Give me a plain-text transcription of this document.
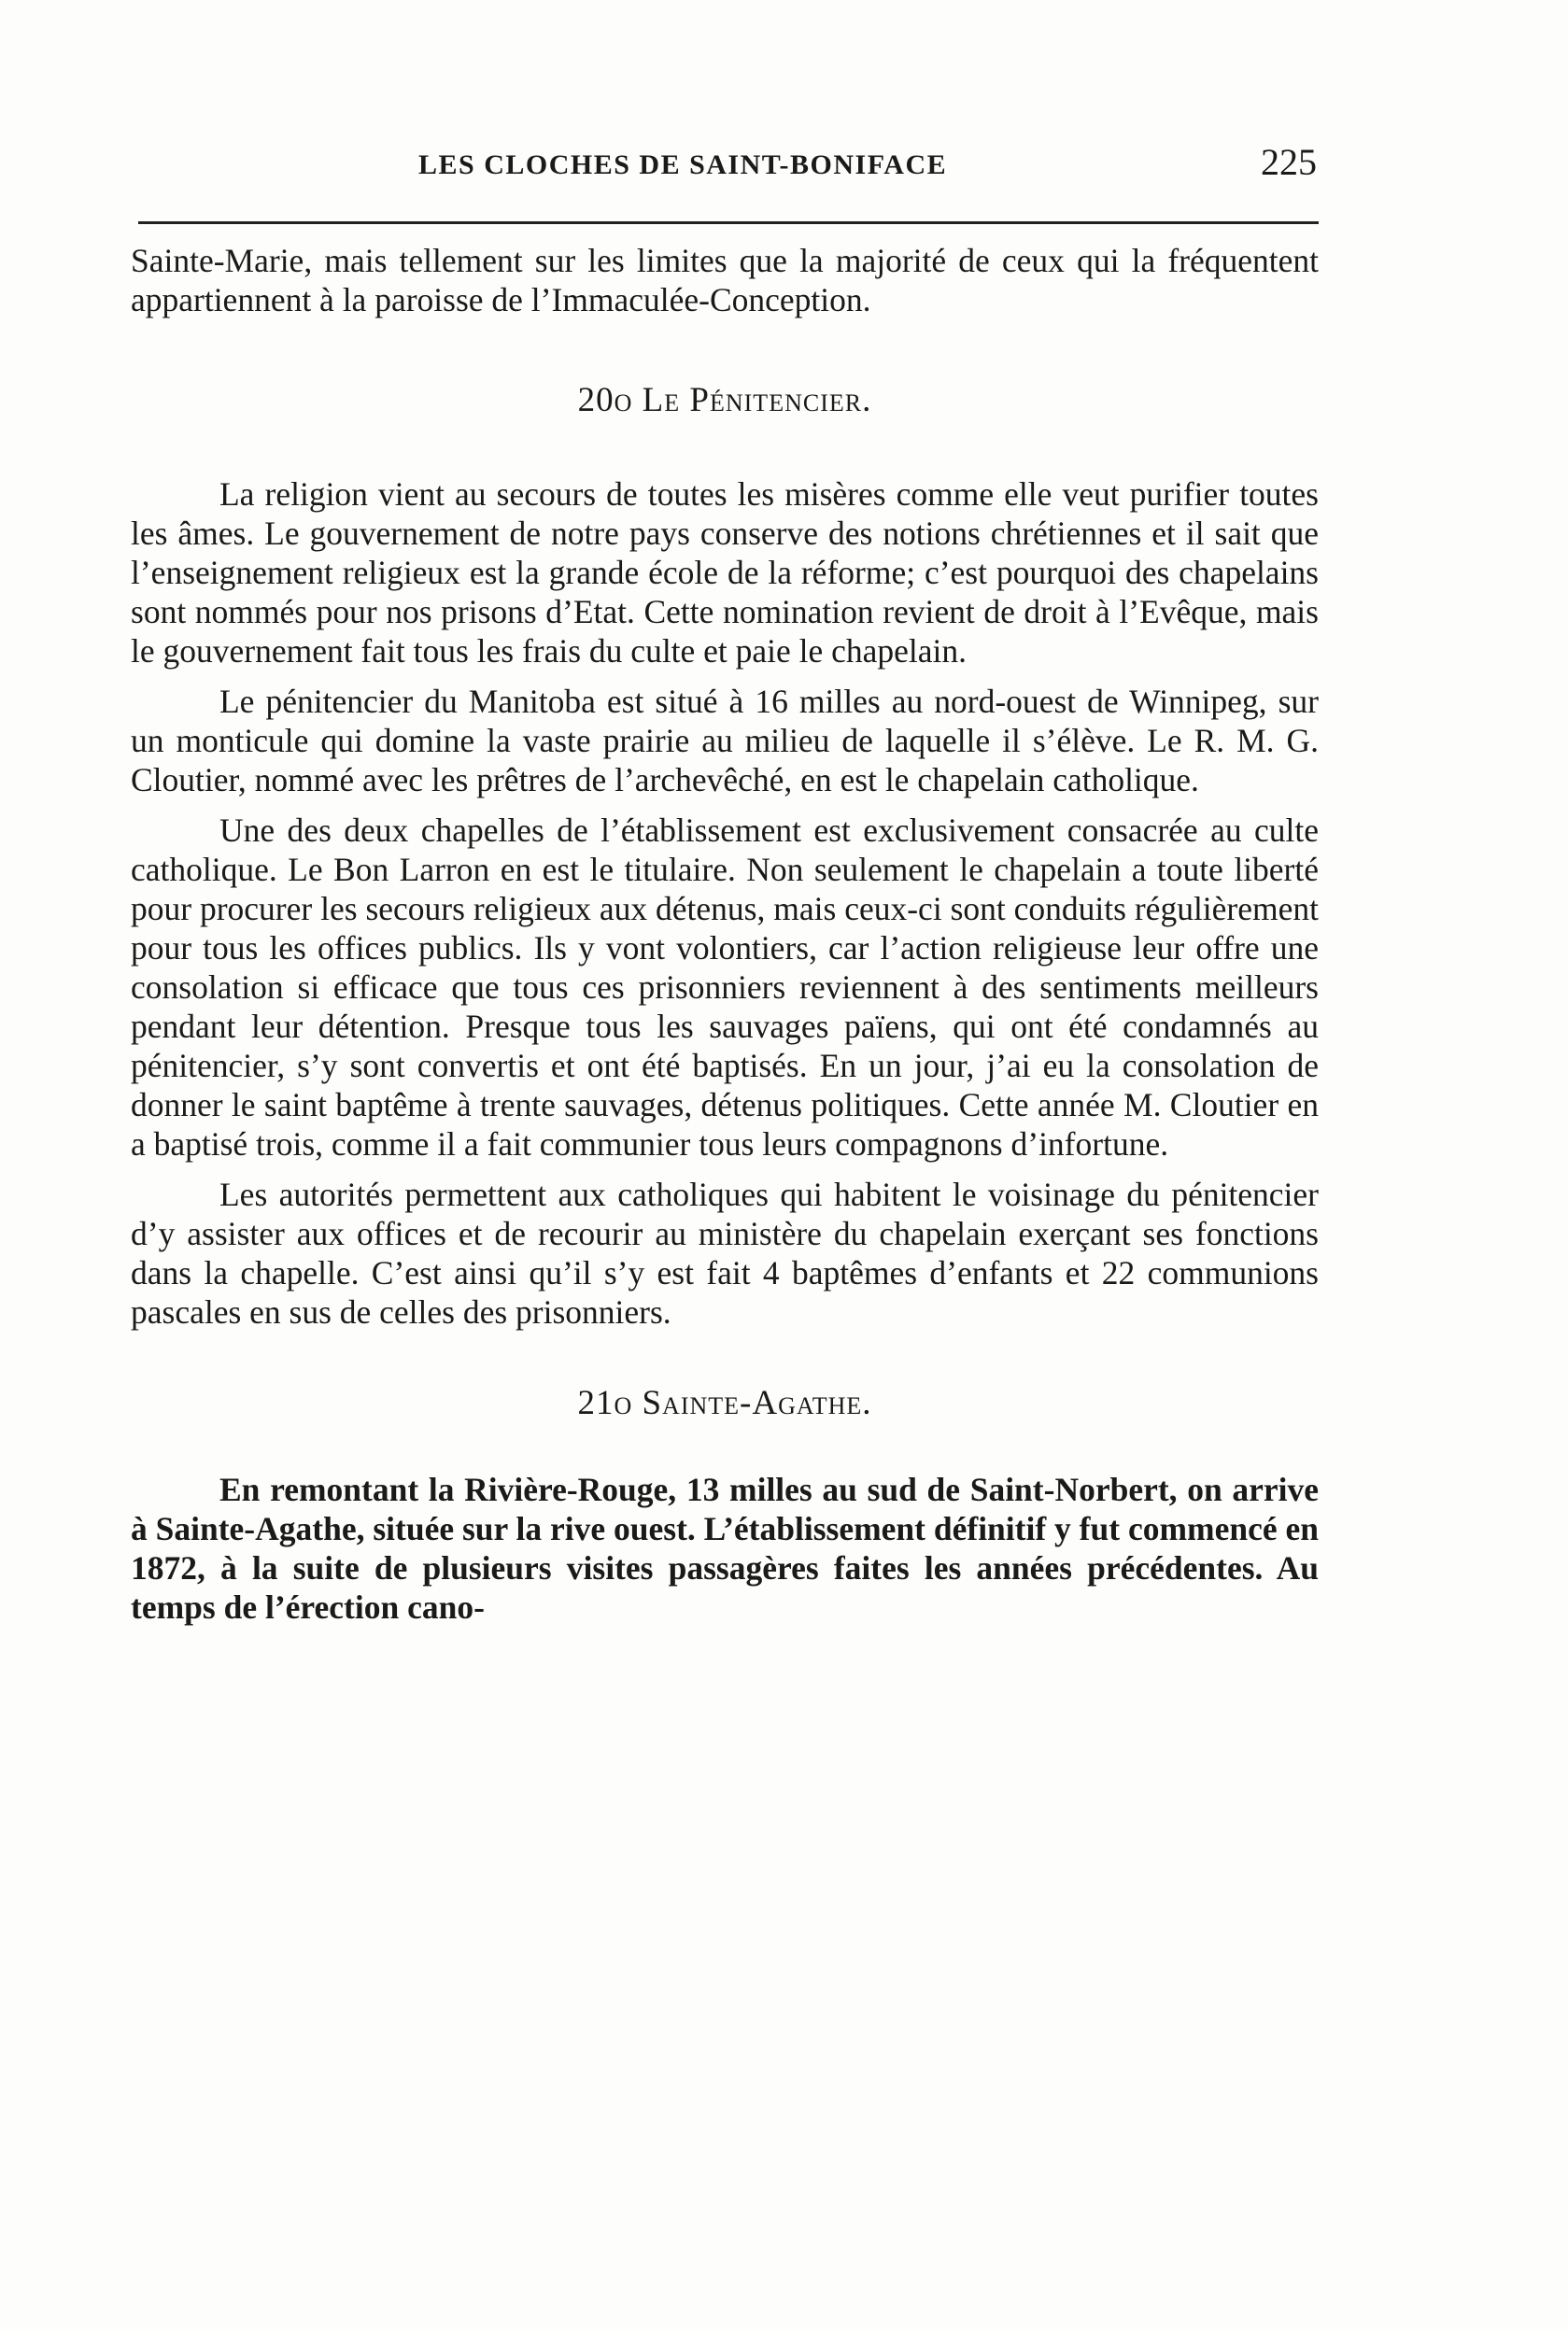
LES CLOCHES DE SAINT-BONIFACE	225

Sainte-Marie, mais tellement sur les limites que la majorité de ceux qui la fréquentent appartiennent à la paroisse de l’Immaculée-Conception.

20o Le Pénitencier.

La religion vient au secours de toutes les misères comme elle veut purifier toutes les âmes. Le gouvernement de notre pays conserve des notions chrétiennes et il sait que l’enseignement religieux est la grande école de la réforme; c’est pourquoi des chapelains sont nommés pour nos prisons d’Etat. Cette nomination revient de droit à l’Evêque, mais le gouvernement fait tous les frais du culte et paie le chapelain.

Le pénitencier du Manitoba est situé à 16 milles au nord-ouest de Winnipeg, sur un monticule qui domine la vaste prairie au milieu de laquelle il s’élève. Le R. M. G. Cloutier, nommé avec les prêtres de l’archevêché, en est le chapelain catholique.

Une des deux chapelles de l’établissement est exclusivement consacrée au culte catholique. Le Bon Larron en est le titulaire. Non seulement le chapelain a toute liberté pour procurer les secours religieux aux détenus, mais ceux-ci sont conduits régulièrement pour tous les offices publics. Ils y vont volontiers, car l’action religieuse leur offre une consolation si efficace que tous ces prisonniers reviennent à des sentiments meilleurs pendant leur détention. Presque tous les sauvages païens, qui ont été condamnés au pénitencier, s’y sont convertis et ont été baptisés. En un jour, j’ai eu la consolation de donner le saint baptême à trente sauvages, détenus politiques. Cette année M. Cloutier en a baptisé trois, comme il a fait communier tous leurs compagnons d’infortune.

Les autorités permettent aux catholiques qui habitent le voisinage du pénitencier d’y assister aux offices et de recourir au ministère du chapelain exerçant ses fonctions dans la chapelle. C’est ainsi qu’il s’y est fait 4 baptêmes d’enfants et 22 communions pascales en sus de celles des prisonniers.

21o Sainte-Agathe.

En remontant la Rivière-Rouge, 13 milles au sud de Saint-Norbert, on arrive à Sainte-Agathe, située sur la rive ouest. L’établissement définitif y fut commencé en 1872, à la suite de plusieurs visites passagères faites les années précédentes. Au temps de l’érection cano-
